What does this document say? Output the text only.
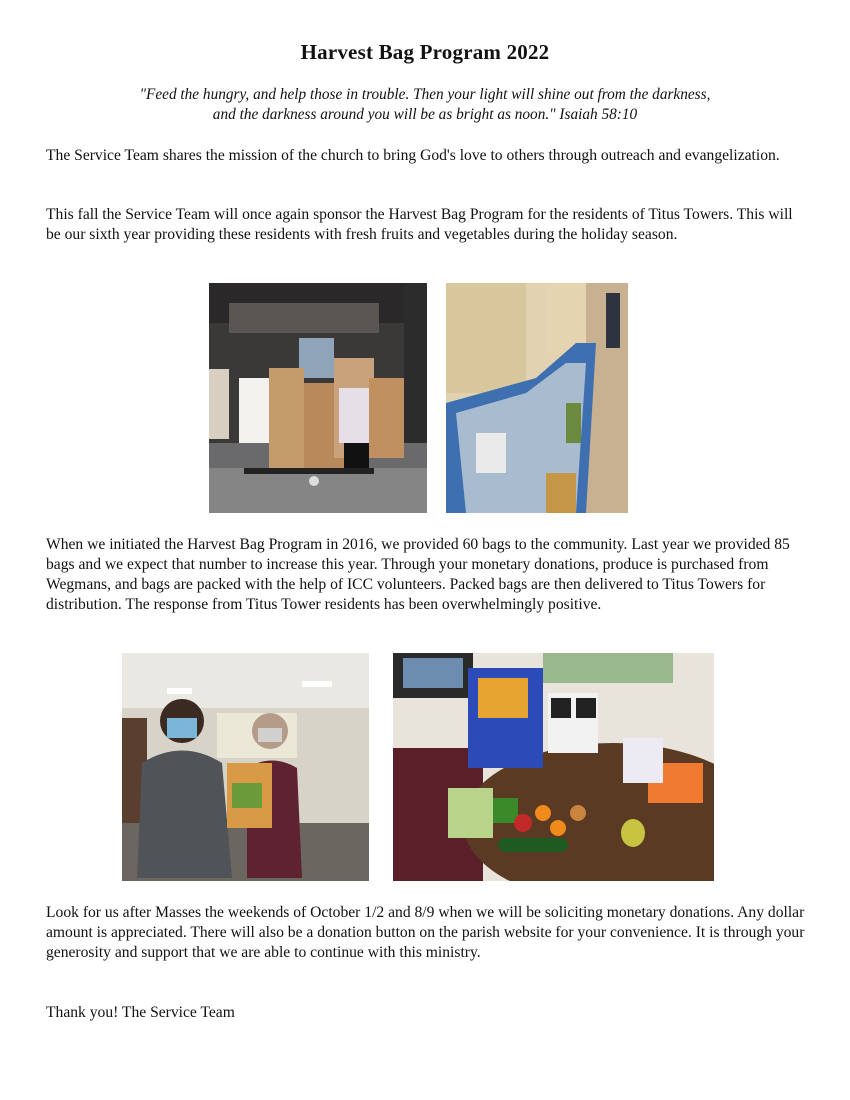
Harvest Bag Program 2022
"Feed the hungry, and help those in trouble. Then your light will shine out from the darkness,
and the darkness around you will be as bright as noon." Isaiah 58:10
The Service Team shares the mission of the church to bring God's love to others through outreach and evangelization.
This fall the Service Team will once again sponsor the Harvest Bag Program for the residents of Titus Towers. This will be our sixth year providing these residents with fresh fruits and vegetables during the holiday season.
When we initiated the Harvest Bag Program in 2016, we provided 60 bags to the community. Last year we provided 85 bags and we expect that number to increase this year. Through your monetary donations, produce is purchased from Wegmans, and bags are packed with the help of ICC volunteers. Packed bags are then delivered to Titus Towers for distribution. The response from Titus Tower residents has been overwhelmingly positive.
Look for us after Masses the weekends of October 1/2 and 8/9 when we will be soliciting monetary donations. Any dollar amount is appreciated. There will also be a donation button on the parish website for your convenience. It is through your generosity and support that we are able to continue with this ministry.
Thank you! The Service Team
